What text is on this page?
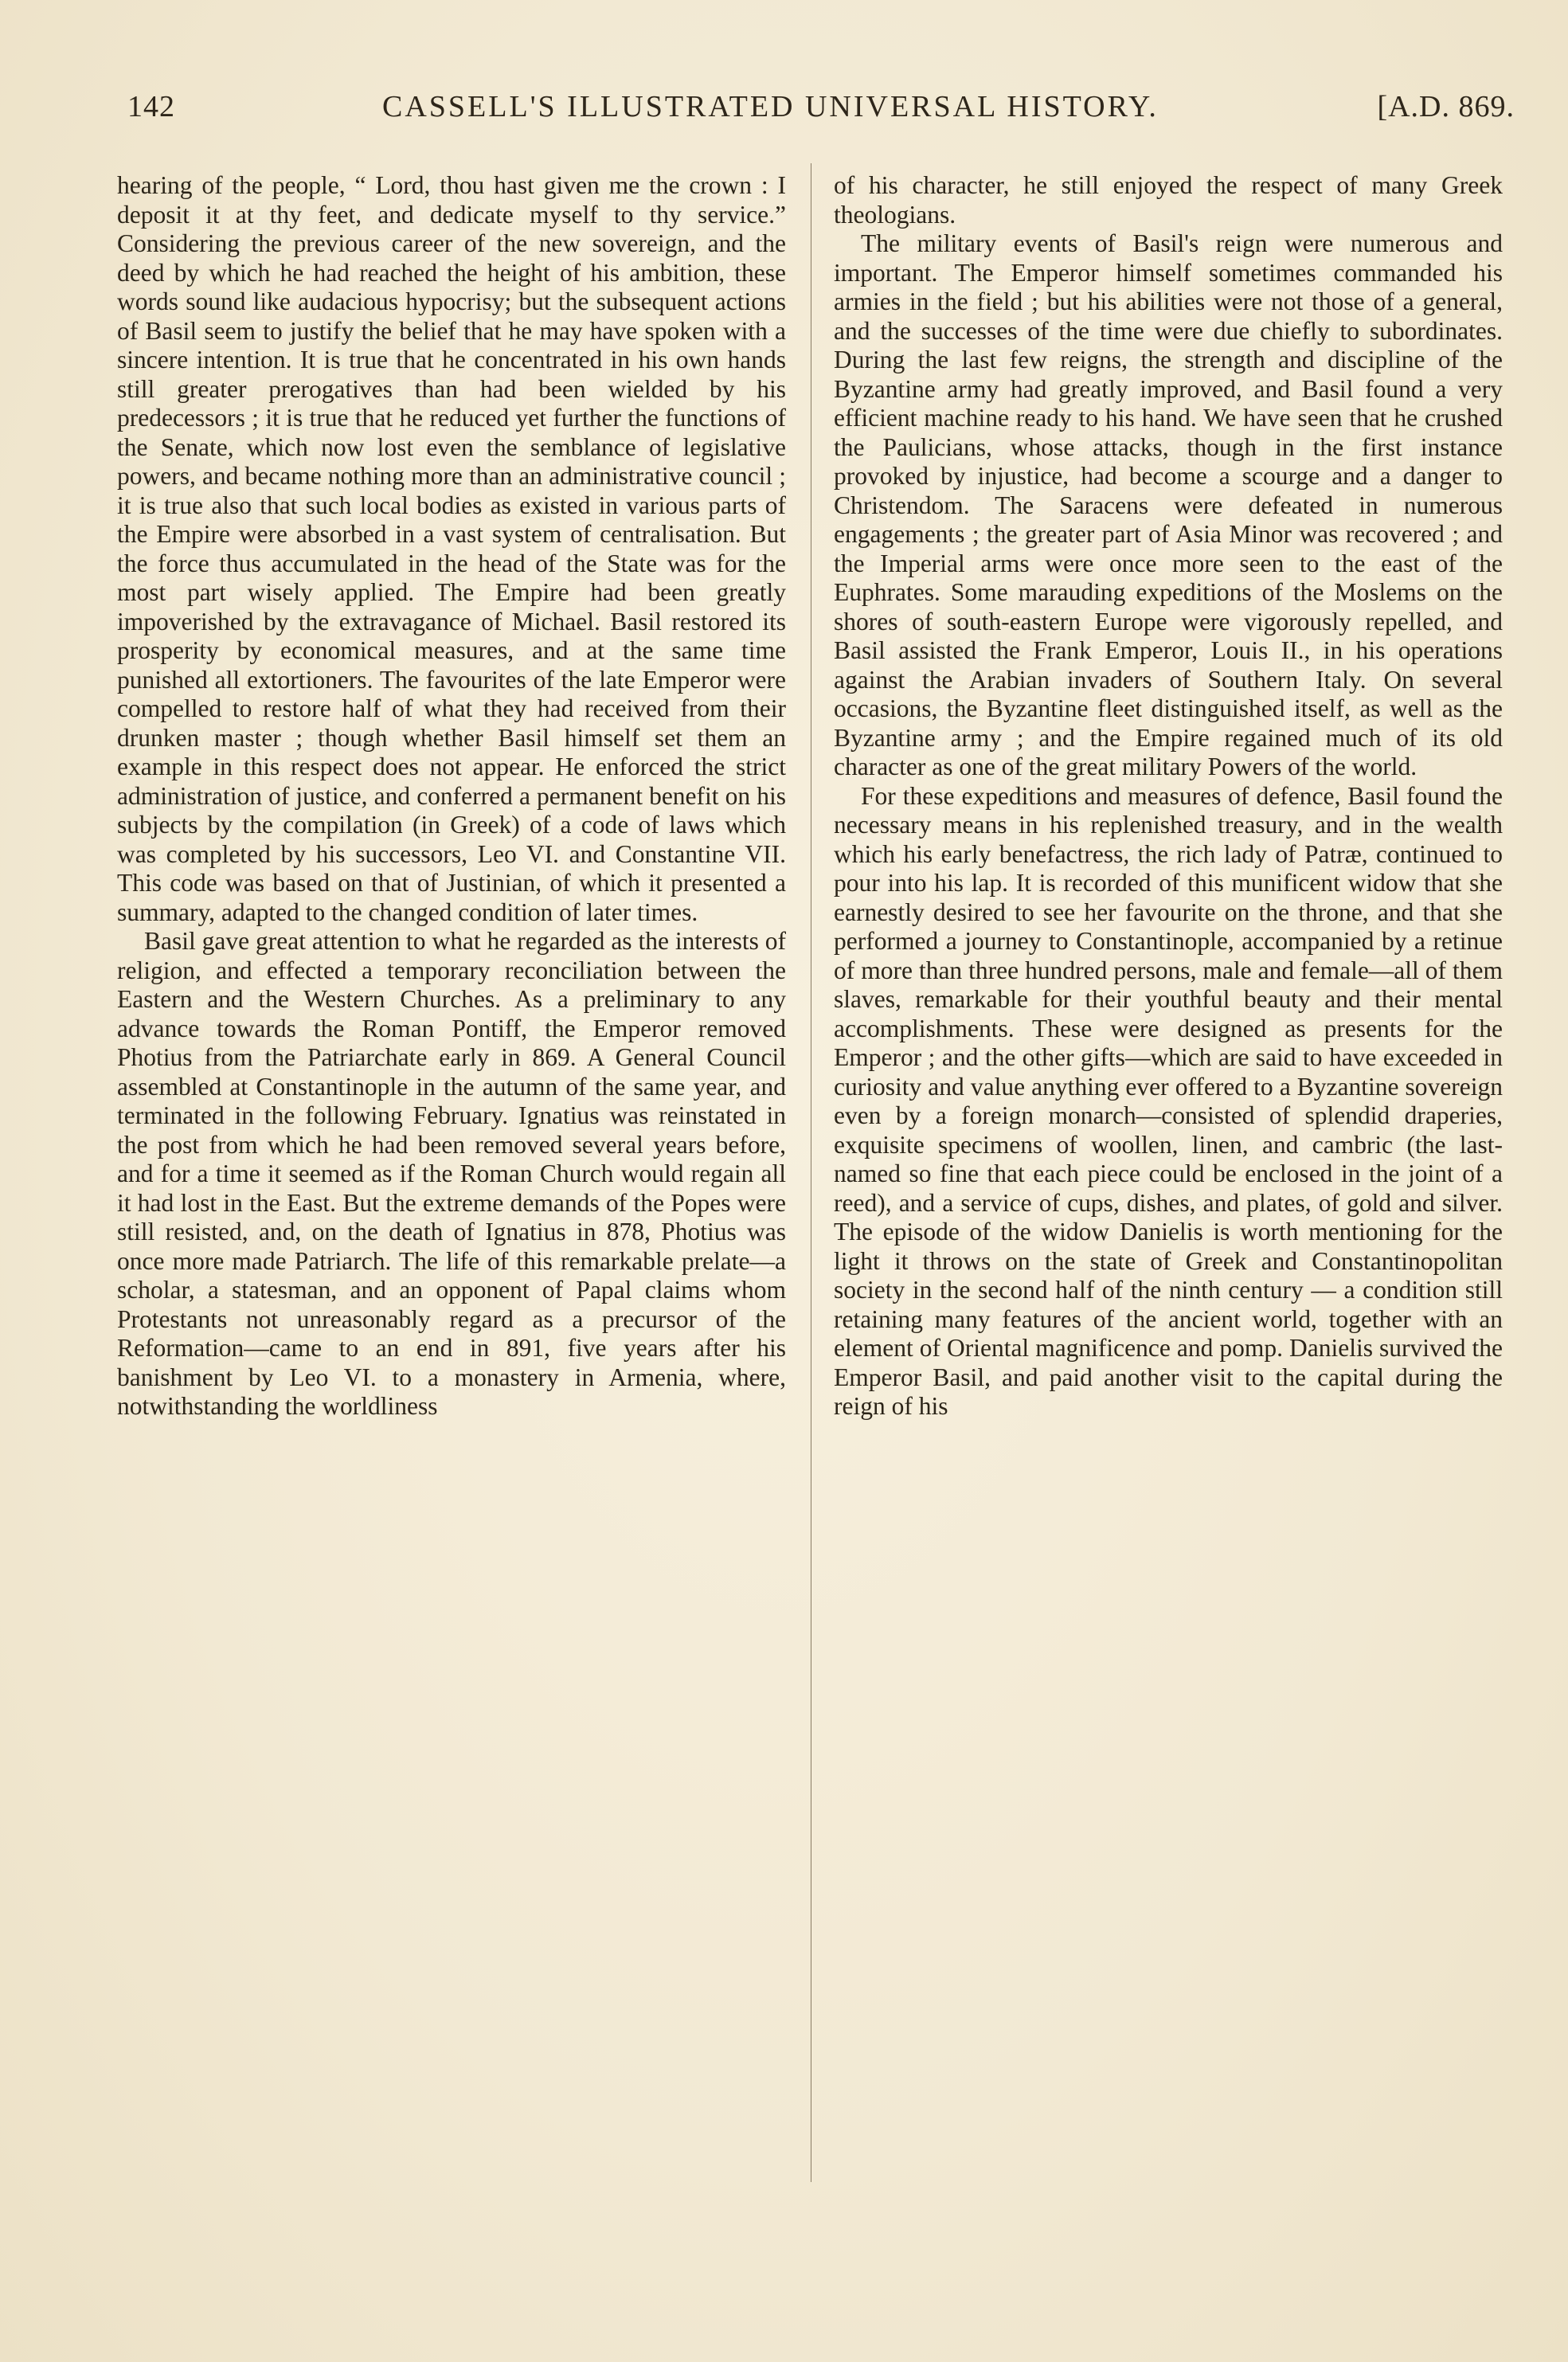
142	CASSELL'S ILLUSTRATED UNIVERSAL HISTORY.	[A.D. 869.

hearing of the people, “ Lord, thou hast given me the crown : I deposit it at thy feet, and dedicate myself to thy service.” Considering the previous career of the new sovereign, and the deed by which he had reached the height of his ambition, these words sound like audacious hypocrisy; but the subsequent actions of Basil seem to justify the belief that he may have spoken with a sincere intention. It is true that he concentrated in his own hands still greater prerogatives than had been wielded by his predecessors ; it is true that he reduced yet further the functions of the Senate, which now lost even the semblance of legislative powers, and became nothing more than an administrative council ; it is true also that such local bodies as existed in various parts of the Empire were absorbed in a vast system of centralisation. But the force thus accumulated in the head of the State was for the most part wisely applied. The Empire had been greatly impoverished by the extravagance of Michael. Basil restored its prosperity by economical measures, and at the same time punished all extortioners. The favourites of the late Emperor were compelled to restore half of what they had received from their drunken master ; though whether Basil himself set them an example in this respect does not appear. He enforced the strict administration of justice, and conferred a permanent benefit on his subjects by the compilation (in Greek) of a code of laws which was completed by his successors, Leo VI. and Constantine VII. This code was based on that of Justinian, of which it presented a summary, adapted to the changed condition of later times.

Basil gave great attention to what he regarded as the interests of religion, and effected a temporary reconciliation between the Eastern and the Western Churches. As a preliminary to any advance towards the Roman Pontiff, the Emperor removed Photius from the Patriarchate early in 869. A General Council assembled at Constantinople in the autumn of the same year, and terminated in the following February. Ignatius was reinstated in the post from which he had been removed several years before, and for a time it seemed as if the Roman Church would regain all it had lost in the East. But the extreme demands of the Popes were still resisted, and, on the death of Ignatius in 878, Photius was once more made Patriarch. The life of this remarkable prelate—a scholar, a statesman, and an opponent of Papal claims whom Protestants not unreasonably regard as a precursor of the Reformation—came to an end in 891, five years after his banishment by Leo VI. to a monastery in Armenia, where, notwithstanding the worldliness

of his character, he still enjoyed the respect of many Greek theologians.

The military events of Basil's reign were numerous and important. The Emperor himself sometimes commanded his armies in the field ; but his abilities were not those of a general, and the successes of the time were due chiefly to subordinates. During the last few reigns, the strength and discipline of the Byzantine army had greatly improved, and Basil found a very efficient machine ready to his hand. We have seen that he crushed the Paulicians, whose attacks, though in the first instance provoked by injustice, had become a scourge and a danger to Christendom. The Saracens were defeated in numerous engagements ; the greater part of Asia Minor was recovered ; and the Imperial arms were once more seen to the east of the Euphrates. Some marauding expeditions of the Moslems on the shores of south-eastern Europe were vigorously repelled, and Basil assisted the Frank Emperor, Louis II., in his operations against the Arabian invaders of Southern Italy. On several occasions, the Byzantine fleet distinguished itself, as well as the Byzantine army ; and the Empire regained much of its old character as one of the great military Powers of the world.

For these expeditions and measures of defence, Basil found the necessary means in his replenished treasury, and in the wealth which his early benefactress, the rich lady of Patræ, continued to pour into his lap. It is recorded of this munificent widow that she earnestly desired to see her favourite on the throne, and that she performed a journey to Constantinople, accompanied by a retinue of more than three hundred persons, male and female—all of them slaves, remarkable for their youthful beauty and their mental accomplishments. These were designed as presents for the Emperor ; and the other gifts—which are said to have exceeded in curiosity and value anything ever offered to a Byzantine sovereign even by a foreign monarch—consisted of splendid draperies, exquisite specimens of woollen, linen, and cambric (the last-named so fine that each piece could be enclosed in the joint of a reed), and a service of cups, dishes, and plates, of gold and silver. The episode of the widow Danielis is worth mentioning for the light it throws on the state of Greek and Constantinopolitan society in the second half of the ninth century — a condition still retaining many features of the ancient world, together with an element of Oriental magnificence and pomp. Danielis survived the Emperor Basil, and paid another visit to the capital during the reign of his
